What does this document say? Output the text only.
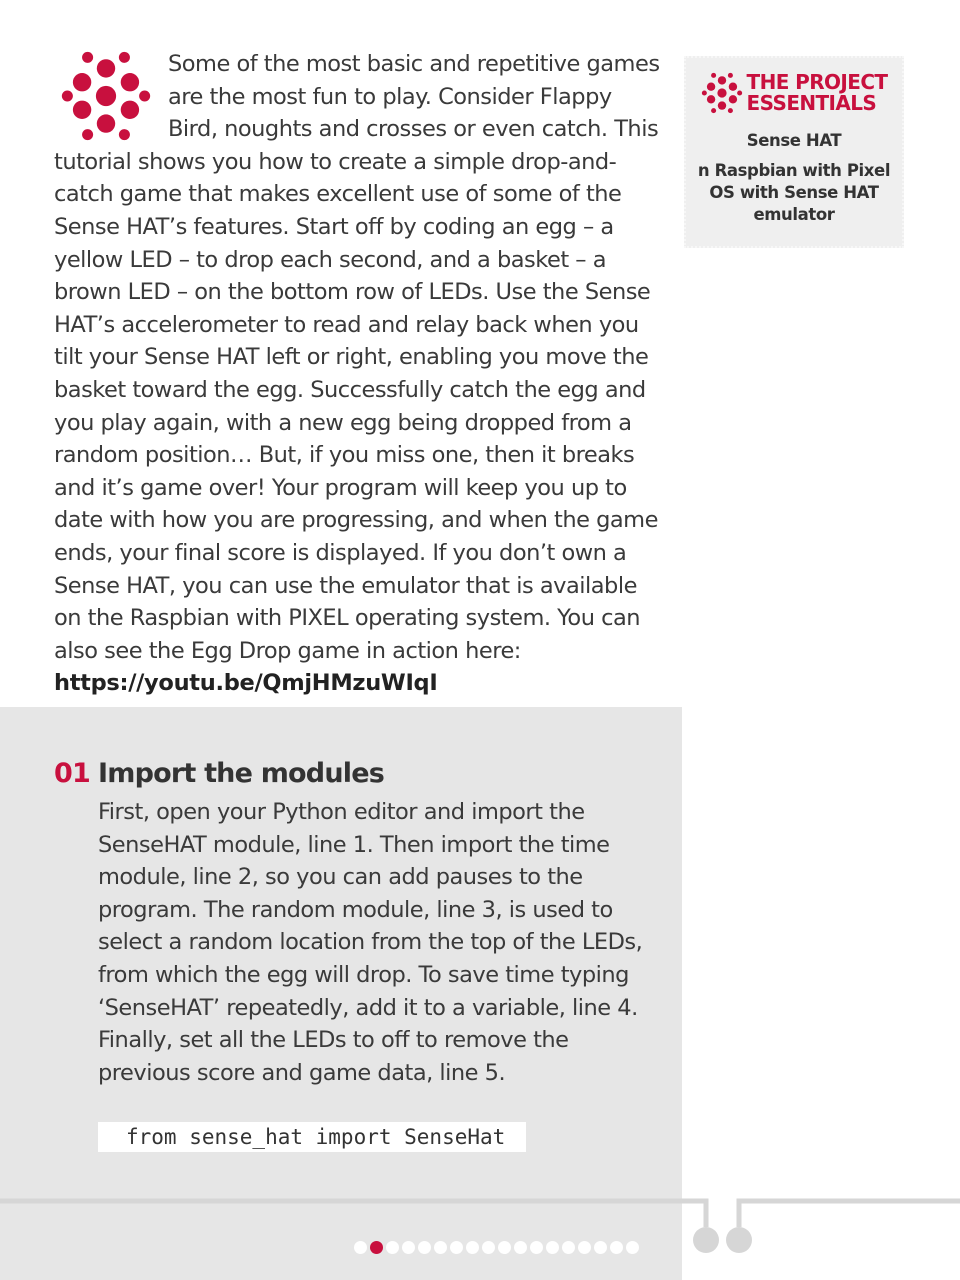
Some of the most basic and repetitive games are the most fun to play. Consider Flappy Bird, noughts and crosses or even catch. This tutorial shows you how to create a simple drop-and-catch game that makes excellent use of some of the Sense HAT’s features. Start off by coding an egg – a yellow LED – to drop each second, and a basket – a brown LED – on the bottom row of LEDs. Use the Sense HAT’s accelerometer to read and relay back when you tilt your Sense HAT left or right, enabling you move the basket toward the egg. Successfully catch the egg and you play again, with a new egg being dropped from a random position… But, if you miss one, then it breaks and it’s game over! Your program will keep you up to date with how you are progressing, and when the game ends, your final score is displayed. If you don’t own a Sense HAT, you can use the emulator that is available on the Raspbian with PIXEL operating system. You can also see the Egg Drop game in action here:

https://youtu.be/QmjHMzuWIqI

THE PROJECT
ESSENTIALS
Sense HAT
n Raspbian with Pixel OS with Sense HAT emulator
01 Import the modules

First, open your Python editor and import the SenseHAT module, line 1. Then import the time module, line 2, so you can add pauses to the program. The random module, line 3, is used to select a random location from the top of the LEDs, from which the egg will drop. To save time typing ‘SenseHAT’ repeatedly, add it to a variable, line 4. Finally, set all the LEDs to off to remove the previous score and game data, line 5.

from sense_hat import SenseHat
